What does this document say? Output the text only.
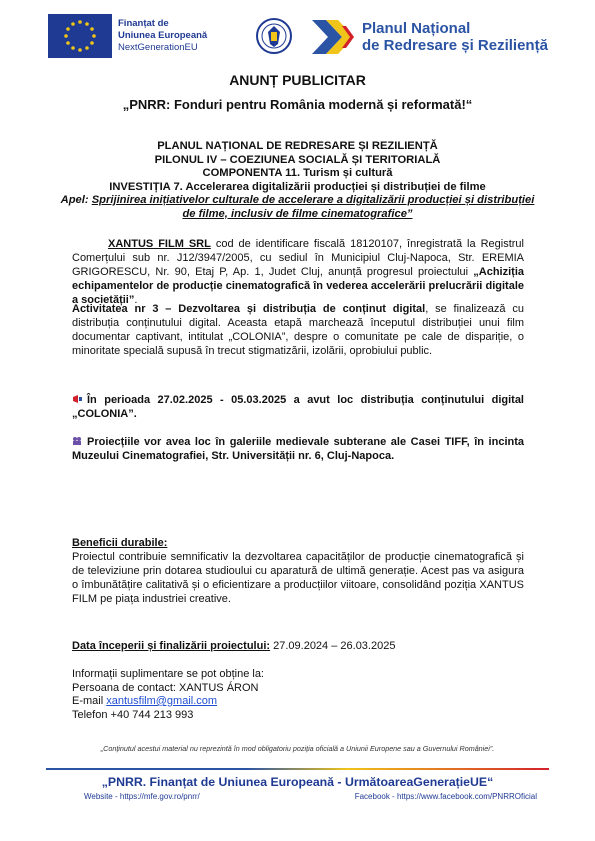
Finanțat de
Uniunea Europeană
NextGenerationEU
Planul Național
de Redresare și Reziliență
ANUNȚ PUBLICITAR
„PNRR: Fonduri pentru România modernă și reformată!“
PLANUL NAȚIONAL DE REDRESARE ȘI REZILIENȚĂ
PILONUL IV – COEZIUNEA SOCIALĂ ȘI TERITORIALĂ
COMPONENTA 11. Turism și cultură
INVESTIȚIA 7. Accelerarea digitalizării producției și distribuției de filme
Apel: Sprijinirea inițiativelor culturale de accelerare a digitalizării producției și distribuției de filme, inclusiv de filme cinematografice”
XANTUS FILM SRL cod de identificare fiscală 18120107, înregistrată la Registrul Comerțului sub nr. J12/3947/2005, cu sediul în Municipiul Cluj-Napoca, Str. EREMIA GRIGORESCU, Nr. 90, Etaj P, Ap. 1, Judet Cluj, anunță progresul proiectului „Achiziția echipamentelor de producție cinematografică în vederea accelerării prelucrării digitale a societății”.
Activitatea nr 3 – Dezvoltarea și distribuția de conținut digital, se finalizează cu distribuția conținutului digital. Aceasta etapă marchează începutul distribuției unui film documentar captivant, intitulat „COLONIA”, despre o comunitate pe cale de dispariție, o minoritate specială supusă în trecut stigmatizării, izolării, oprobiului public.
În perioada 27.02.2025 - 05.03.2025 a avut loc distribuția conținutului digital „COLONIA”.
Proiecțiile vor avea loc în galeriile medievale subterane ale Casei TIFF, în incinta Muzeului Cinematografiei, Str. Universității nr. 6, Cluj-Napoca.
Beneficii durabile:
Proiectul contribuie semnificativ la dezvoltarea capacităților de producție cinematografică și de televiziune prin dotarea studioului cu aparatură de ultimă generație. Acest pas va asigura o îmbunătățire calitativă și o eficientizare a producțiilor viitoare, consolidând poziția XANTUS FILM pe piața industriei creative.
Data începerii și finalizării proiectului: 27.09.2024 – 26.03.2025
Informații suplimentare se pot obține la:
Persoana de contact: XANTUS ÁRON
E-mail xantusfilm@gmail.com
Telefon +40 744 213 993
„Conținutul acestui material nu reprezintă în mod obligatoriu poziția oficială a Uniunii Europene sau a Guvernului României”.
„PNRR. Finanțat de Uniunea Europeană - UrmătoareaGenerațieUE“
Website - https://mfe.gov.ro/pnrr/	Facebook - https://www.facebook.com/PNRROficial
